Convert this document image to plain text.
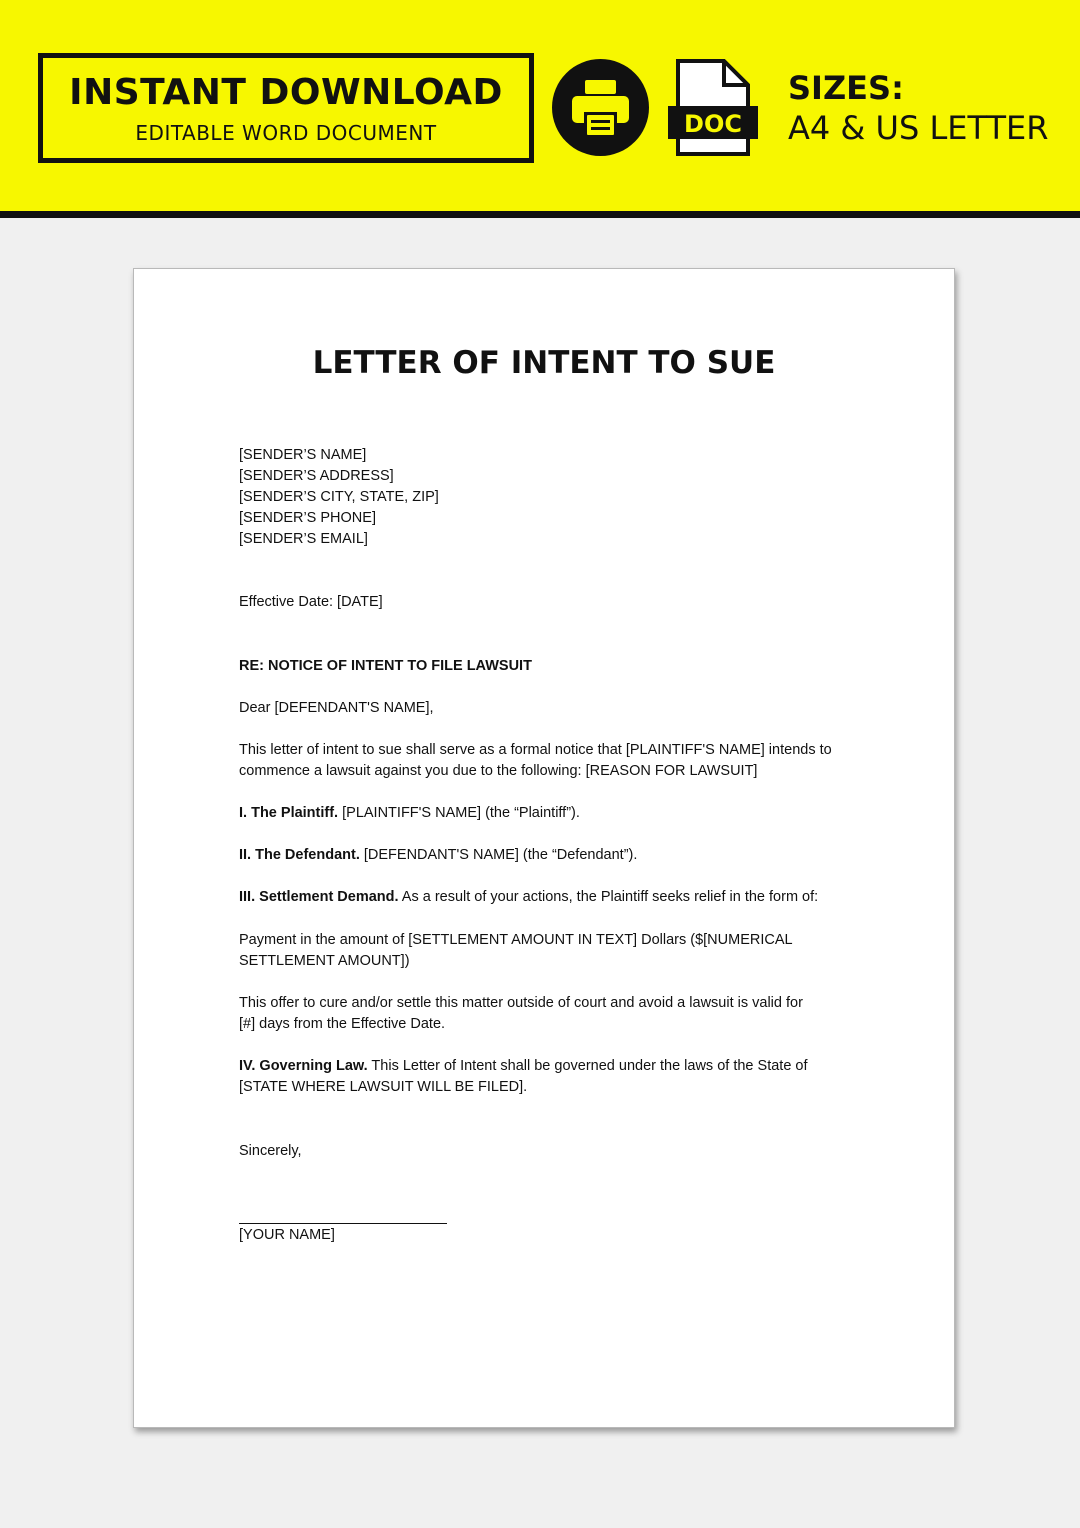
INSTANT DOWNLOAD
EDITABLE WORD DOCUMENT	DOC
SIZES:
A4 & US LETTER
LETTER OF INTENT TO SUE
[SENDER’S NAME]
[SENDER’S ADDRESS]
[SENDER’S CITY, STATE, ZIP]
[SENDER’S PHONE]
[SENDER’S EMAIL]
Effective Date: [DATE]
RE: NOTICE OF INTENT TO FILE LAWSUIT
Dear [DEFENDANT'S NAME],
This letter of intent to sue shall serve as a formal notice that [PLAINTIFF'S NAME] intends to
commence a lawsuit against you due to the following: [REASON FOR LAWSUIT]
I. The Plaintiff. [PLAINTIFF'S NAME] (the “Plaintiff”).
II. The Defendant. [DEFENDANT'S NAME] (the “Defendant”).
III. Settlement Demand. As a result of your actions, the Plaintiff seeks relief in the form of:
Payment in the amount of [SETTLEMENT AMOUNT IN TEXT] Dollars ($[NUMERICAL
SETTLEMENT AMOUNT])
This offer to cure and/or settle this matter outside of court and avoid a lawsuit is valid for
[#] days from the Effective Date.
IV. Governing Law. This Letter of Intent shall be governed under the laws of the State of
[STATE WHERE LAWSUIT WILL BE FILED].
Sincerely,
[YOUR NAME]
